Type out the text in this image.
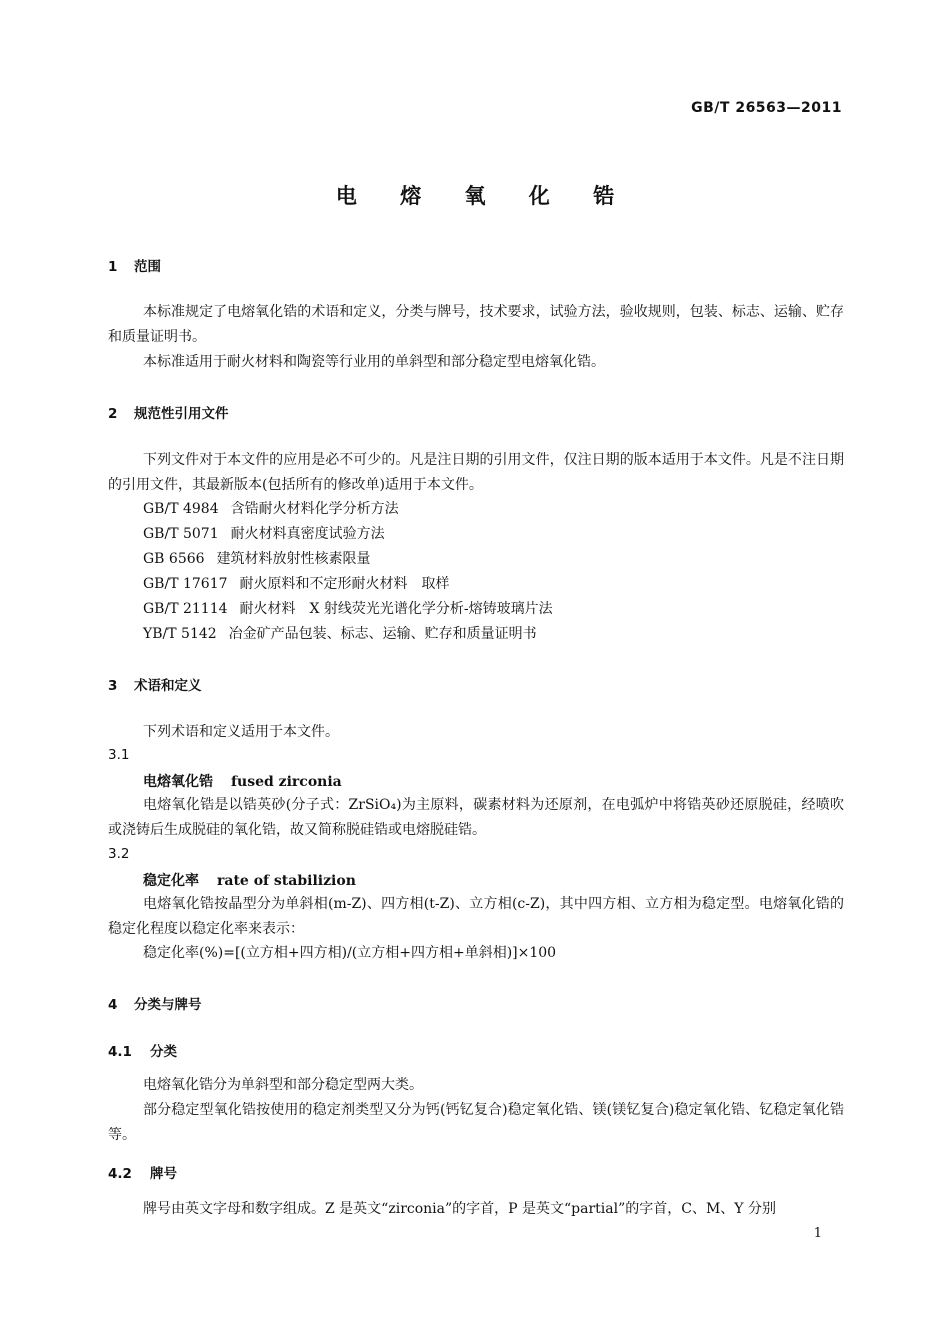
GB/T 26563—2011
电 熔 氧 化 锆
1 范围
本标准规定了电熔氧化锆的术语和定义，分类与牌号，技术要求，试验方法，验收规则，包装、标志、运输、贮存和质量证明书。
本标准适用于耐火材料和陶瓷等行业用的单斜型和部分稳定型电熔氧化锆。
2 规范性引用文件
下列文件对于本文件的应用是必不可少的。凡是注日期的引用文件，仅注日期的版本适用于本文件。凡是不注日期的引用文件，其最新版本(包括所有的修改单)适用于本文件。
GB/T 4984 含锆耐火材料化学分析方法
GB/T 5071 耐火材料真密度试验方法
GB 6566 建筑材料放射性核素限量
GB/T 17617 耐火原料和不定形耐火材料　取样
GB/T 21114 耐火材料　X 射线荧光光谱化学分析-熔铸玻璃片法
YB/T 5142 冶金矿产品包装、标志、运输、贮存和质量证明书
3 术语和定义
下列术语和定义适用于本文件。
3.1
电熔氧化锆 fused zirconia
电熔氧化锆是以锆英砂(分子式：ZrSiO₄)为主原料，碳素材料为还原剂，在电弧炉中将锆英砂还原脱硅，经喷吹或浇铸后生成脱硅的氧化锆，故又简称脱硅锆或电熔脱硅锆。
3.2
稳定化率 rate of stabilizion
电熔氧化锆按晶型分为单斜相(m-Z)、四方相(t-Z)、立方相(c-Z)，其中四方相、立方相为稳定型。电熔氧化锆的稳定化程度以稳定化率来表示：
稳定化率(%)=[(立方相+四方相)/(立方相+四方相+单斜相)]×100
4 分类与牌号
4.1 分类
电熔氧化锆分为单斜型和部分稳定型两大类。
部分稳定型氧化锆按使用的稳定剂类型又分为钙(钙钇复合)稳定氧化锆、镁(镁钇复合)稳定氧化锆、钇稳定氧化锆等。
4.2 牌号
牌号由英文字母和数字组成。Z 是英文“zirconia”的字首，P 是英文“partial”的字首，C、M、Y 分别
1
